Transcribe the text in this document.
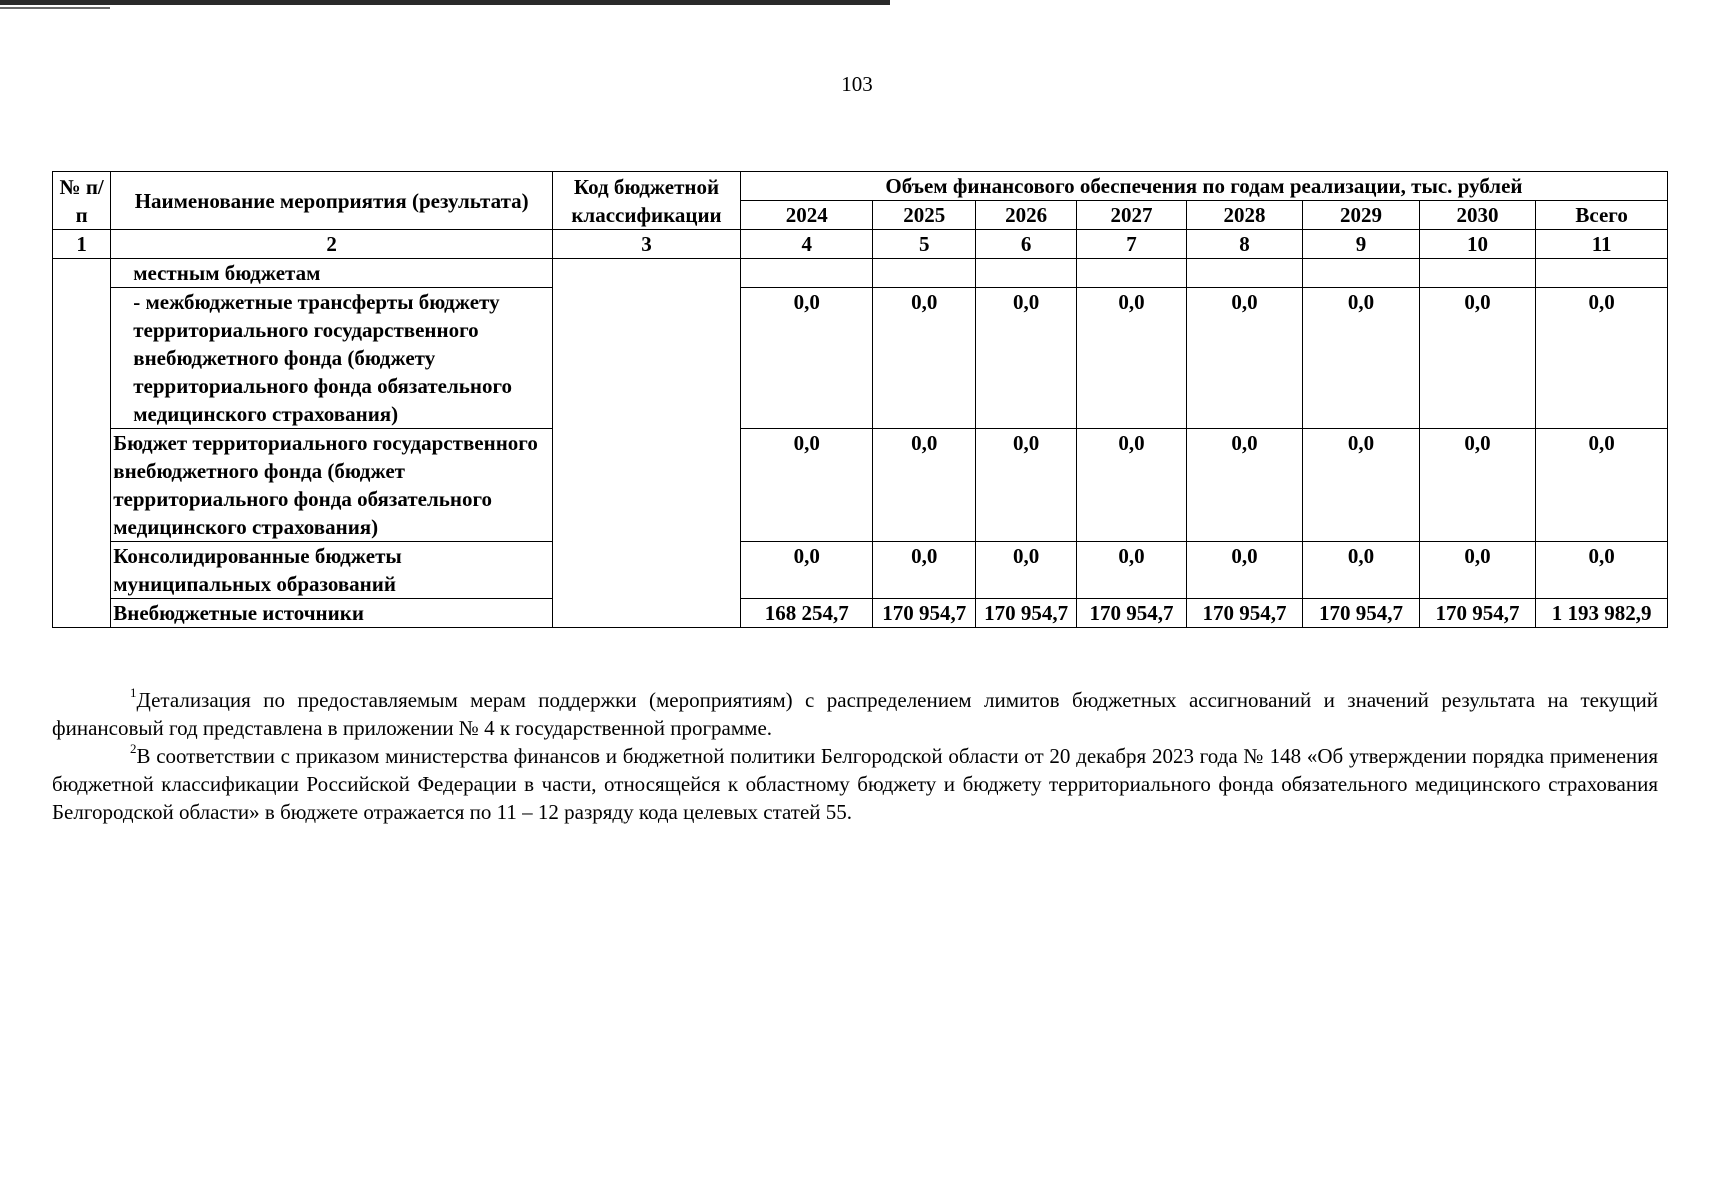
103
№ п/п	Наименование мероприятия (результата)	Код бюджетной классификации	Объем финансового обеспечения по годам реализации, тыс. рублей							
			2024	2025	2026	2027	2028	2029	2030	Всего
1	2	3	4	5	6	7	8	9	10	11
	местным бюджетам									
	- межбюджетные трансферты бюджету территориального государственного внебюджетного фонда (бюджету территориального фонда обязательного медицинского страхования)		0,0	0,0	0,0	0,0	0,0	0,0	0,0	0,0
	Бюджет территориального государственного внебюджетного фонда (бюджет территориального фонда обязательного медицинского страхования)		0,0	0,0	0,0	0,0	0,0	0,0	0,0	0,0
	Консолидированные бюджеты муниципальных образований		0,0	0,0	0,0	0,0	0,0	0,0	0,0	0,0
	Внебюджетные источники		168 254,7	170 954,7	170 954,7	170 954,7	170 954,7	170 954,7	170 954,7	1 193 982,9

$^1$Детализация по предоставляемым мерам поддержки (мероприятиям) с распределением лимитов бюджетных ассигнований и значений результата на текущий финансовый год представлена в приложении № 4 к государственной программе.

$^2$В соответствии с приказом министерства финансов и бюджетной политики Белгородской области от 20 декабря 2023 года № 148 «Об утверждении порядка применения бюджетной классификации Российской Федерации в части, относящейся к областному бюджету и бюджету территориального фонда обязательного медицинского страхования Белгородской области» в бюджете отражается по 11 – 12 разряду кода целевых статей 55.
